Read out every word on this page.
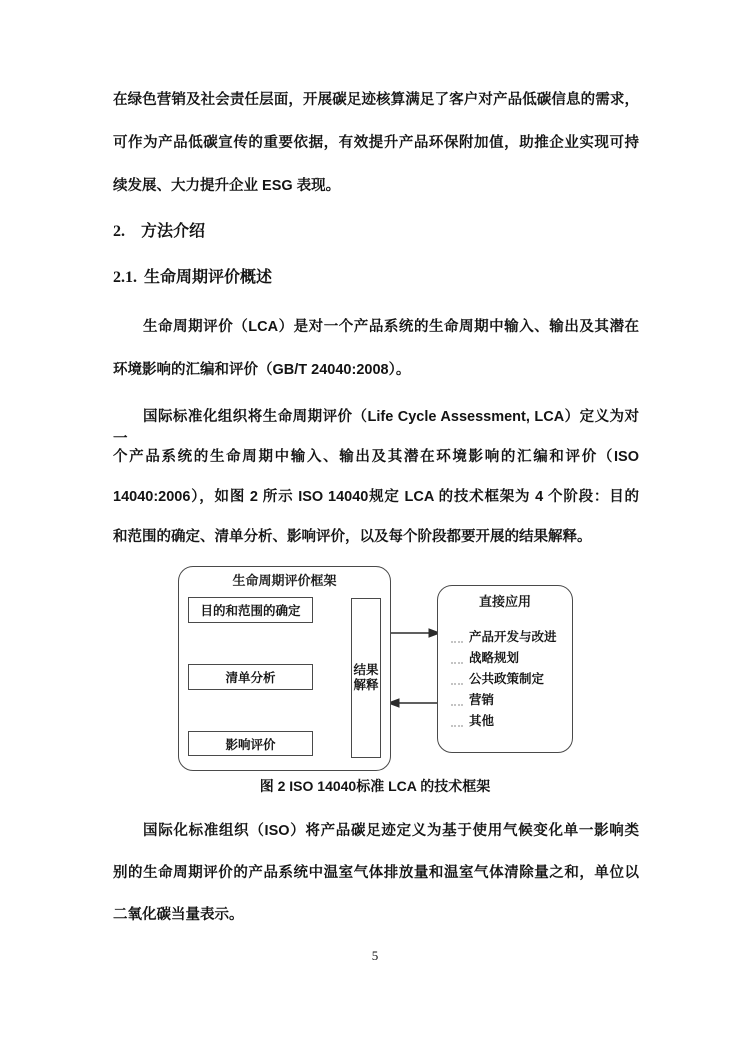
在绿色营销及社会责任层面，开展碳足迹核算满足了客户对产品低碳信息的需求，
可作为产品低碳宣传的重要依据，有效提升产品环保附加值，助推企业实现可持
续发展、大力提升企业 ESG 表现。
2. 方法介绍
2.1. 生命周期评价概述
生命周期评价（LCA）是对一个产品系统的生命周期中输入、输出及其潜在
环境影响的汇编和评价（GB/T 24040:2008）。
国际标准化组织将生命周期评价（Life Cycle Assessment, LCA）定义为对一
个产品系统的生命周期中输入、输出及其潜在环境影响的汇编和评价（ISO
14040:2006），如图 2 所示 ISO 14040规定 LCA 的技术框架为 4 个阶段：目的
和范围的确定、清单分析、影响评价，以及每个阶段都要开展的结果解释。
生命周期评价框架
目的和范围的确定
清单分析
影响评价
结果
解释
直接应用
产品开发与改进
战略规划
公共政策制定
营销
其他
图 2 ISO 14040标准 LCA 的技术框架
国际化标准组织（ISO）将产品碳足迹定义为基于使用气候变化单一影响类
别的生命周期评价的产品系统中温室气体排放量和温室气体清除量之和，单位以
二氧化碳当量表示。
5
